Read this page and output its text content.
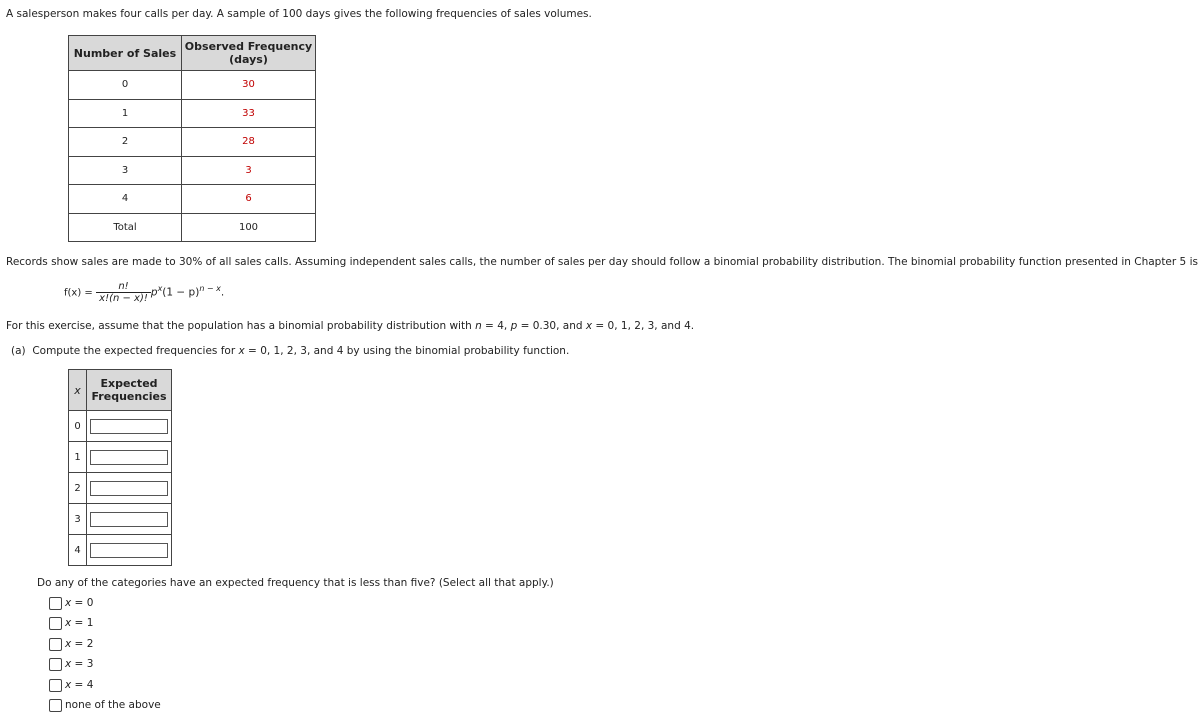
A salesperson makes four calls per day. A sample of 100 days gives the following frequencies of sales volumes.
Number of Sales	Observed Frequency
(days)
0	30
1	33
2	28
3	3
4	6
Total	100
Records show sales are made to 30% of all sales calls. Assuming independent sales calls, the number of sales per day should follow a binomial probability distribution. The binomial probability function presented in Chapter 5 is
$f(x) = \frac{n!}{x!(n - x)!} p^x(1 - p)^{n - x}$.
For this exercise, assume that the population has a binomial probability distribution with n = 4, p = 0.30, and x = 0, 1, 2, 3, and 4.
(a) Compute the expected frequencies for x = 0, 1, 2, 3, and 4 by using the binomial probability function.
x	Expected
Frequencies
0	

1	

2	

3	

4	
Do any of the categories have an expected frequency that is less than five? (Select all that apply.)
x = 0
x = 1
x = 2
x = 3
x = 4
none of the above
